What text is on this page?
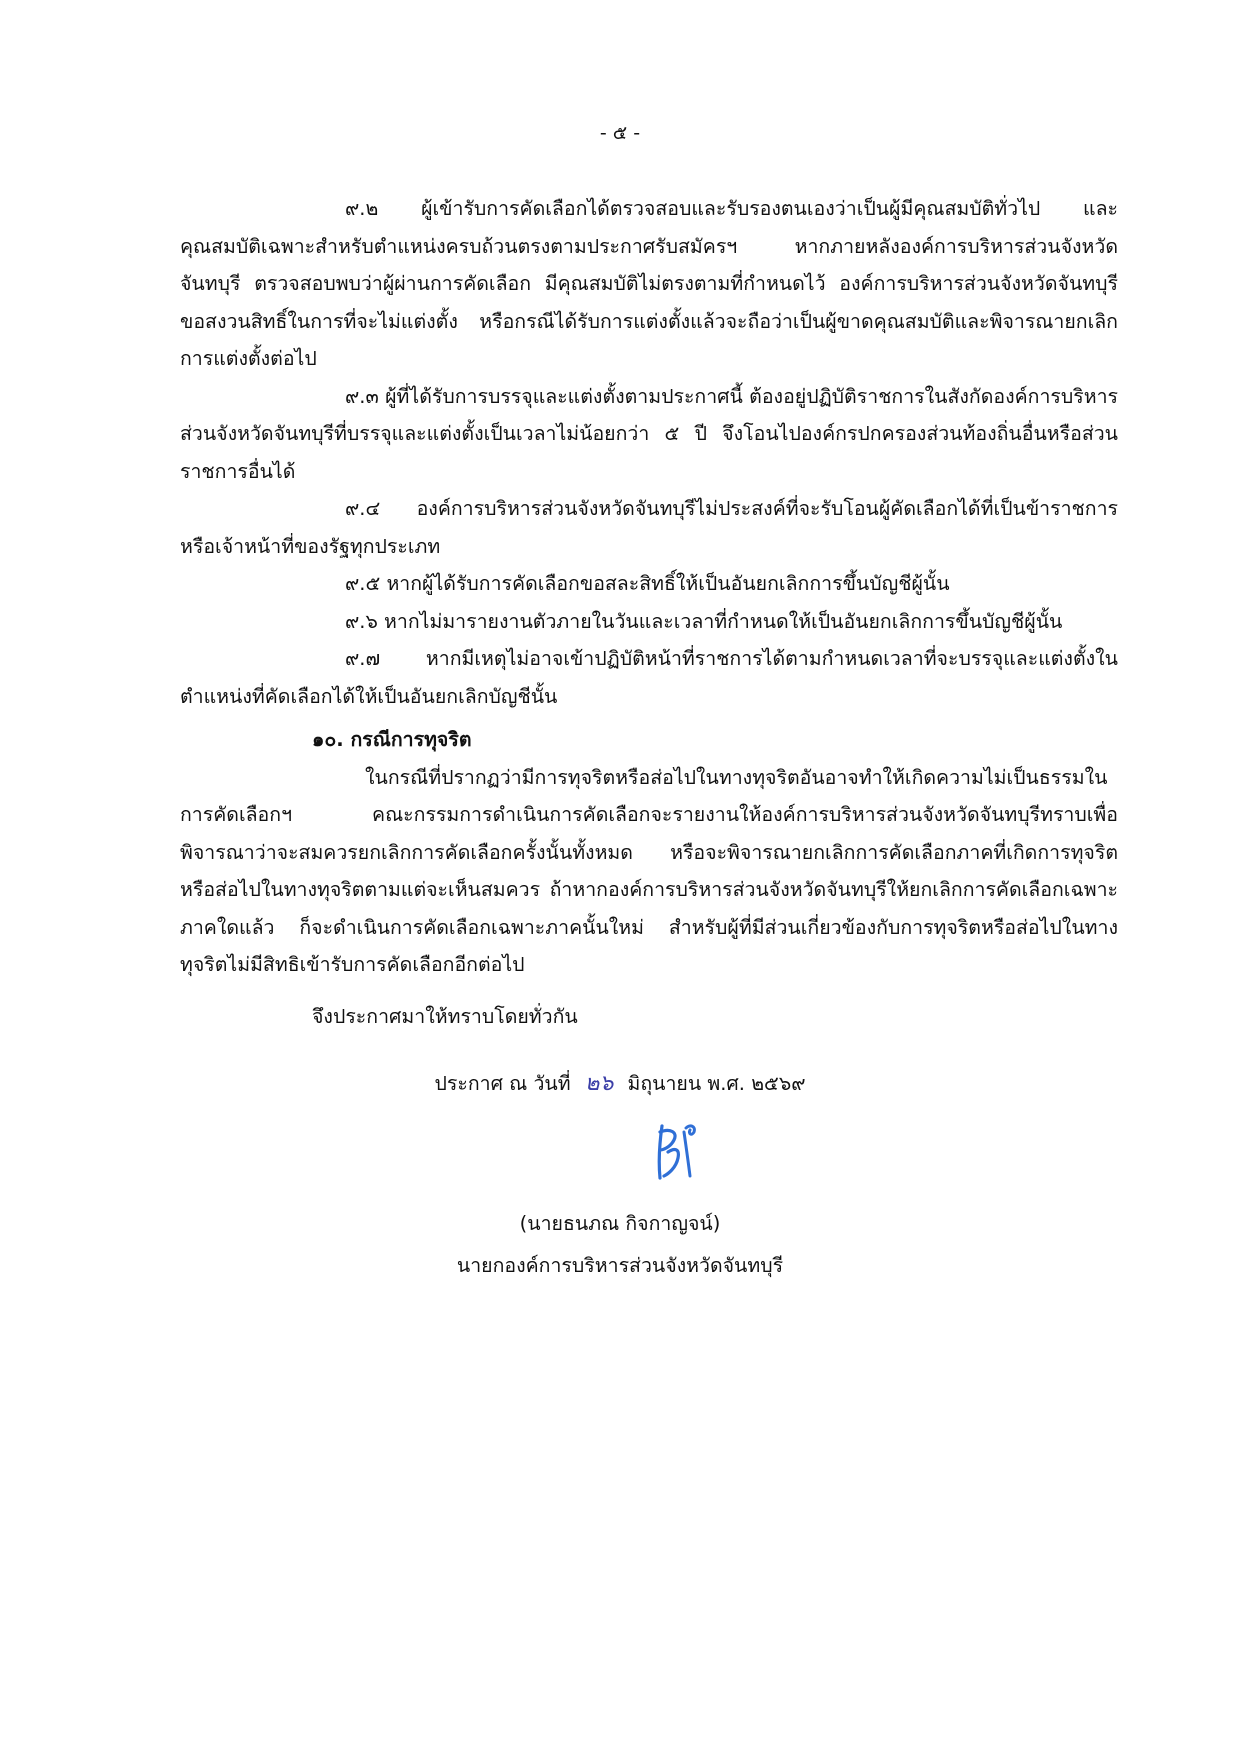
- ๕ -

๙.๒ ผู้เข้ารับการคัดเลือกได้ตรวจสอบและรับรองตนเองว่าเป็นผู้มีคุณสมบัติทั่วไป และคุณสมบัติเฉพาะสำหรับตำแหน่งครบถ้วนตรงตามประกาศรับสมัครฯ หากภายหลังองค์การบริหารส่วนจังหวัดจันทบุรี ตรวจสอบพบว่าผู้ผ่านการคัดเลือก มีคุณสมบัติไม่ตรงตามที่กำหนดไว้ องค์การบริหารส่วนจังหวัดจันทบุรีขอสงวนสิทธิ์ในการที่จะไม่แต่งตั้ง หรือกรณีได้รับการแต่งตั้งแล้วจะถือว่าเป็นผู้ขาดคุณสมบัติและพิจารณายกเลิกการแต่งตั้งต่อไป

๙.๓ ผู้ที่ได้รับการบรรจุและแต่งตั้งตามประกาศนี้ ต้องอยู่ปฏิบัติราชการในสังกัดองค์การบริหารส่วนจังหวัดจันทบุรีที่บรรจุและแต่งตั้งเป็นเวลาไม่น้อยกว่า ๕ ปี จึงโอนไปองค์กรปกครองส่วนท้องถิ่นอื่นหรือส่วนราชการอื่นได้

๙.๔ องค์การบริหารส่วนจังหวัดจันทบุรีไม่ประสงค์ที่จะรับโอนผู้คัดเลือกได้ที่เป็นข้าราชการหรือเจ้าหน้าที่ของรัฐทุกประเภท

๙.๕ หากผู้ได้รับการคัดเลือกขอสละสิทธิ์ให้เป็นอันยกเลิกการขึ้นบัญชีผู้นั้น

๙.๖ หากไม่มารายงานตัวภายในวันและเวลาที่กำหนดให้เป็นอันยกเลิกการขึ้นบัญชีผู้นั้น

๙.๗ หากมีเหตุไม่อาจเข้าปฏิบัติหน้าที่ราชการได้ตามกำหนดเวลาที่จะบรรจุและแต่งตั้งในตำแหน่งที่คัดเลือกได้ให้เป็นอันยกเลิกบัญชีนั้น

๑๐. กรณีการทุจริต

ในกรณีที่ปรากฏว่ามีการทุจริตหรือส่อไปในทางทุจริตอันอาจทำให้เกิดความไม่เป็นธรรมในการคัดเลือกฯ คณะกรรมการดำเนินการคัดเลือกจะรายงานให้องค์การบริหารส่วนจังหวัดจันทบุรีทราบเพื่อพิจารณาว่าจะสมควรยกเลิกการคัดเลือกครั้งนั้นทั้งหมด หรือจะพิจารณายกเลิกการคัดเลือกภาคที่เกิดการทุจริตหรือส่อไปในทางทุจริตตามแต่จะเห็นสมควร ถ้าหากองค์การบริหารส่วนจังหวัดจันทบุรีให้ยกเลิกการคัดเลือกเฉพาะภาคใดแล้ว ก็จะดำเนินการคัดเลือกเฉพาะภาคนั้นใหม่ สำหรับผู้ที่มีส่วนเกี่ยวข้องกับการทุจริตหรือส่อไปในทางทุจริตไม่มีสิทธิเข้ารับการคัดเลือกอีกต่อไป

จึงประกาศมาให้ทราบโดยทั่วกัน

ประกาศ ณ วันที่ ๒๖ มิถุนายน พ.ศ. ๒๕๖๙
(นายธนภณ กิจกาญจน์)
นายกองค์การบริหารส่วนจังหวัดจันทบุรี
